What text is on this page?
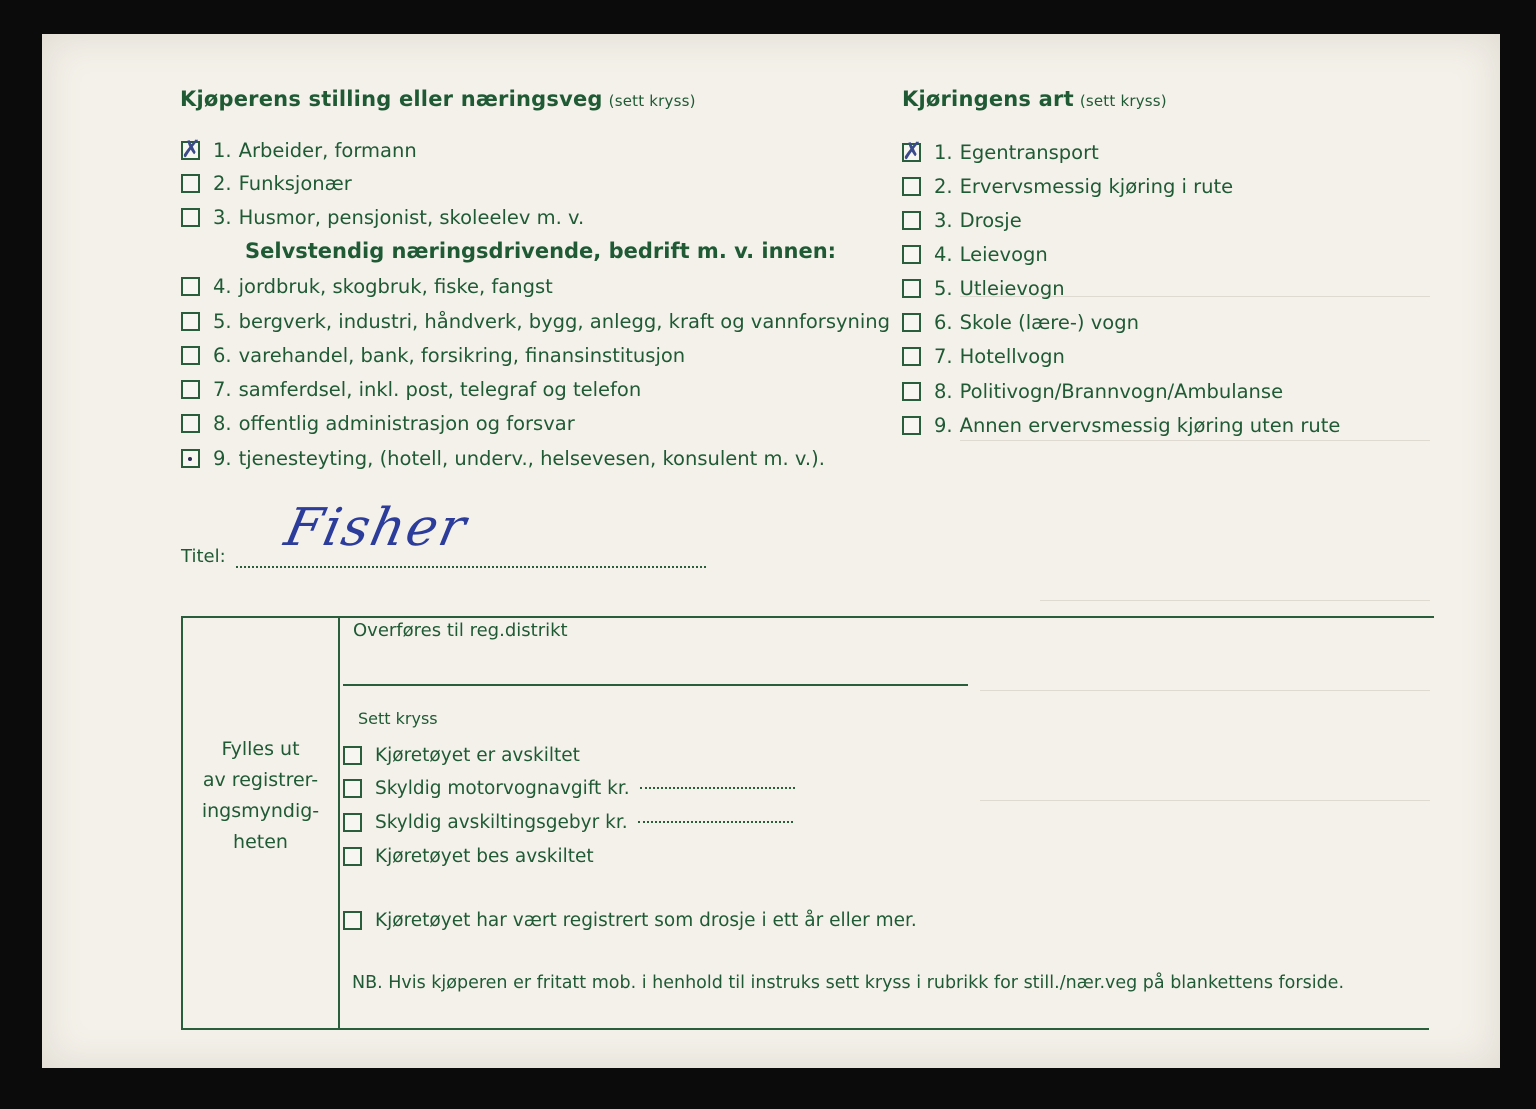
Kjøperens stilling eller næringsveg (sett kryss)
Selvstendig næringsdrivende, bedrift m. v. innen:
Kjøringens art (sett kryss)
Titel: Fisher
Fylles ut
av registrer-
ingsmyndig-
heten
Overføres til reg.distrikt
Sett kryss
Kjøretøyet har vært registrert som drosje i ett år eller mer.
NB. Hvis kjøperen er fritatt mob. i henhold til instruks sett kryss i rubrikk for still./nær.veg på blankettens forside.
✗ 1. Arbeider, formann
2. Funksjonær
3. Husmor, pensjonist, skoleelev m. v.
4. jordbruk, skogbruk, fiske, fangst
5. bergverk, industri, håndverk, bygg, anlegg, kraft og vannforsyning
6. varehandel, bank, forsikring, finansinstitusjon
7. samferdsel, inkl. post, telegraf og telefon
8. offentlig administrasjon og forsvar
9. tjenesteyting, (hotell, underv., helsevesen, konsulent m. v.).
✗ 1. Egentransport
2. Ervervsmessig kjøring i rute
3. Drosje
4. Leievogn
5. Utleievogn
6. Skole (lære-) vogn
7. Hotellvogn
8. Politivogn/Brannvogn/Ambulanse
9. Annen ervervsmessig kjøring uten rute
Kjøretøyet er avskiltet
Skyldig motorvognavgift kr.
Skyldig avskiltingsgebyr kr.
Kjøretøyet bes avskiltet
